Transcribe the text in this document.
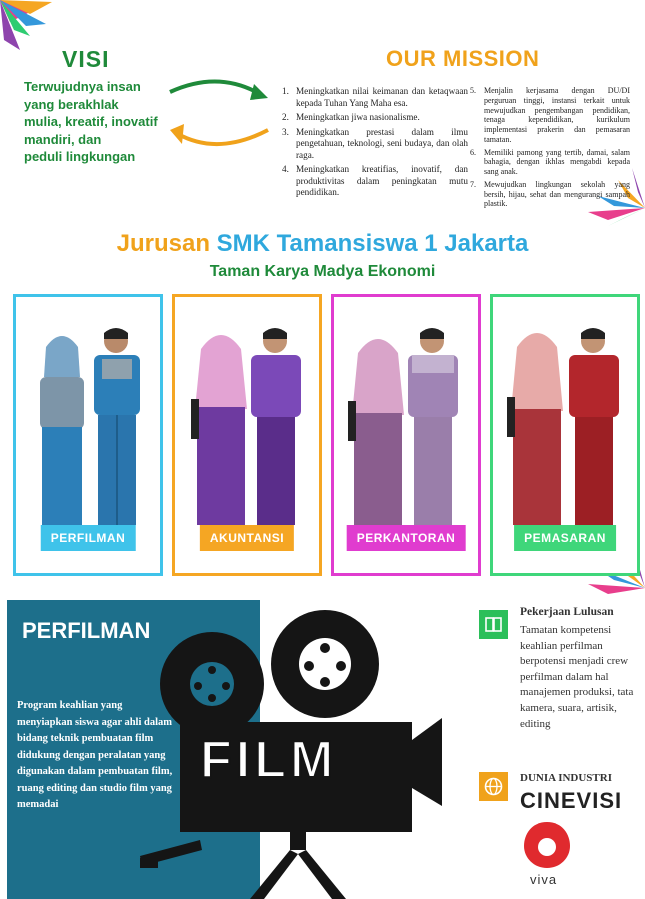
VISI
Terwujudnya insan
yang berakhlak
mulia, kreatif, inovatif
mandiri, dan
peduli lingkungan
OUR MISSION
1. Meningkatkan nilai keimanan dan ketaqwaan kepada Tuhan Yang Maha esa.
2. Meningkatkan jiwa nasionalisme.
3. Meningkatkan prestasi dalam ilmu pengetahuan, teknologi, seni budaya, dan olah raga.
4. Meningkatkan kreatifias, inovatif, dan produktivitas dalam peningkatan mutu pendidikan.
5.	Menjalin kerjasama dengan DU/DI perguruan tinggi, instansi terkait untuk mewujudkan pengembangan pendidikan, tenaga kependidikan, kurikulum implementasi prakerin dan pemasaran tamatan.
6.	Memiliki pamong yang tertib, damai, salam bahagia, dengan ikhlas mengabdi kepada sang anak.
7.	Mewujudkan lingkungan sekolah yang bersih, hijau, sehat dan mengurangi sampah plastik.
Jurusan SMK Tamansiswa 1 Jakarta
Taman Karya Madya Ekonomi
PERFILMAN	AKUNTANSI	PERKANTORAN	PEMASARAN
PERFILMAN
Program keahlian yang menyiapkan siswa agar ahli dalam bidang teknik pembuatan film didukung dengan peralatan yang digunakan dalam pembuatan film, ruang editing dan studio film yang memadai
FILM
Pekerjaan Lulusan
Tamatan kompetensi keahlian perfilman berpotensi menjadi crew perfilman dalam hal manajemen produksi, tata kamera, suara, artisik, editing
DUNIA INDUSTRI
CINEVISI
viva
